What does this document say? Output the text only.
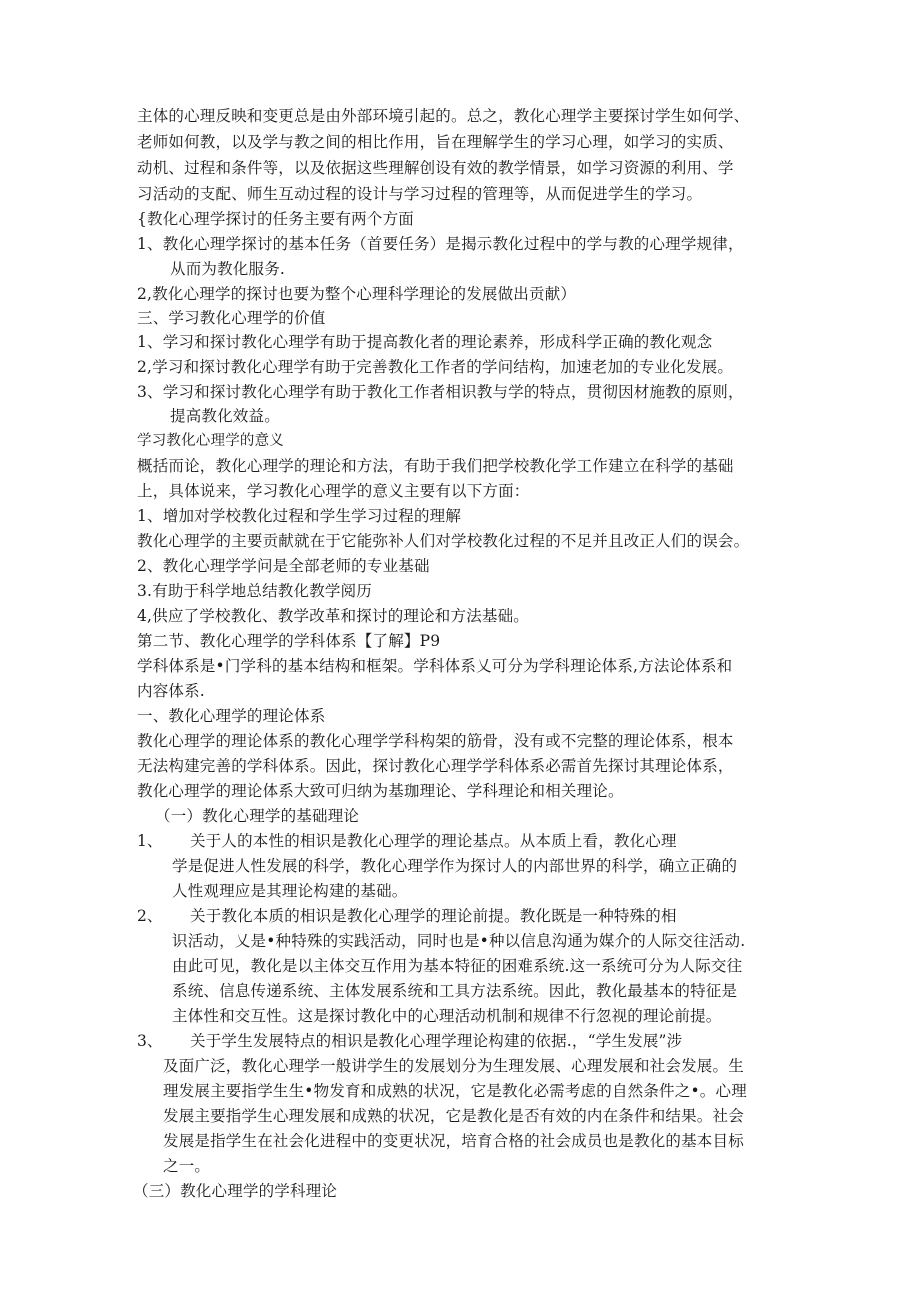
主体的心理反映和变更总是由外部环境引起的。总之，教化心理学主要探讨学生如何学、
老师如何教，以及学与教之间的相比作用，旨在理解学生的学习心理，如学习的实质、
动机、过程和条件等，以及依据这些理解创设有效的教学情景，如学习资源的利用、学
习活动的支配、师生互动过程的设计与学习过程的管理等，从而促进学生的学习。
{教化心理学探讨的任务主要有两个方面
1、教化心理学探讨的基本任务（首要任务）是揭示教化过程中的学与教的心理学规律，
从而为教化服务.
2,教化心理学的探讨也要为整个心理科学理论的发展做出贡献）
三、学习教化心理学的价值
1、学习和探讨教化心理学有助于提高教化者的理论素养，形成科学正确的教化观念
2,学习和探讨教化心理学有助于完善教化工作者的学问结构，加速老加的专业化发展。
3、学习和探讨教化心理学有助于教化工作者相识教与学的特点，贯彻因材施教的原则，
提高教化效益。
学习教化心理学的意义
概括而论，教化心理学的理论和方法，有助于我们把学校教化学工作建立在科学的基础
上，具体说来，学习教化心理学的意义主要有以下方面：
1、增加对学校教化过程和学生学习过程的理解
教化心理学的主要贡献就在于它能弥补人们对学校教化过程的不足并且改正人们的误会。
2、教化心理学学问是全部老师的专业基础
3.有助于科学地总结教化教学阅历
4,供应了学校教化、教学改革和探讨的理论和方法基础。
第二节、教化心理学的学科体系【了解】P9
学科体系是•门学科的基本结构和框架。学科体系乂可分为学科理论体系,方法论体系和
内容体系.
一、教化心理学的理论体系
教化心理学的理论体系的教化心理学学科构架的筋骨，没有或不完整的理论体系，根本
无法构建完善的学科体系。因此，探讨教化心理学学科体系必需首先探讨其理论体系，
教化心理学的理论体系大致可归纳为基珈理论、学科理论和相关理论。
（一）教化心理学的基础理论
1、 关于人的本性的相识是教化心理学的理论基点。从本质上看，教化心理
学是促进人性发展的科学，教化心理学作为探讨人的内部世界的科学，确立正确的
人性观理应是其理论构建的基础。
2、 关于教化本质的相识是教化心理学的理论前提。教化既是一种特殊的相
识活动，乂是•种特殊的实践活动，同时也是•种以信息沟通为媒介的人际交往活动.
由此可见，教化是以主体交互作用为基本特征的困难系统.这一系统可分为人际交往
系统、信息传递系统、主体发展系统和工具方法系统。因此，教化最基本的特征是
主体性和交互性。这是探讨教化中的心理活动机制和规律不行忽视的理论前提。
3、 关于学生发展特点的相识是教化心理学理论构建的依据.，“学生发展”涉
及面广泛，教化心理学一般讲学生的发展划分为生理发展、心理发展和社会发展。生
理发展主要指学生生•物发育和成熟的状况，它是教化必需考虑的自然条件之•。心理
发展主要指学生心理发展和成熟的状况，它是教化是否有效的内在条件和结果。社会
发展是指学生在社会化进程中的变更状况，培育合格的社会成员也是教化的基本目标
之一。
（三）教化心理学的学科理论
